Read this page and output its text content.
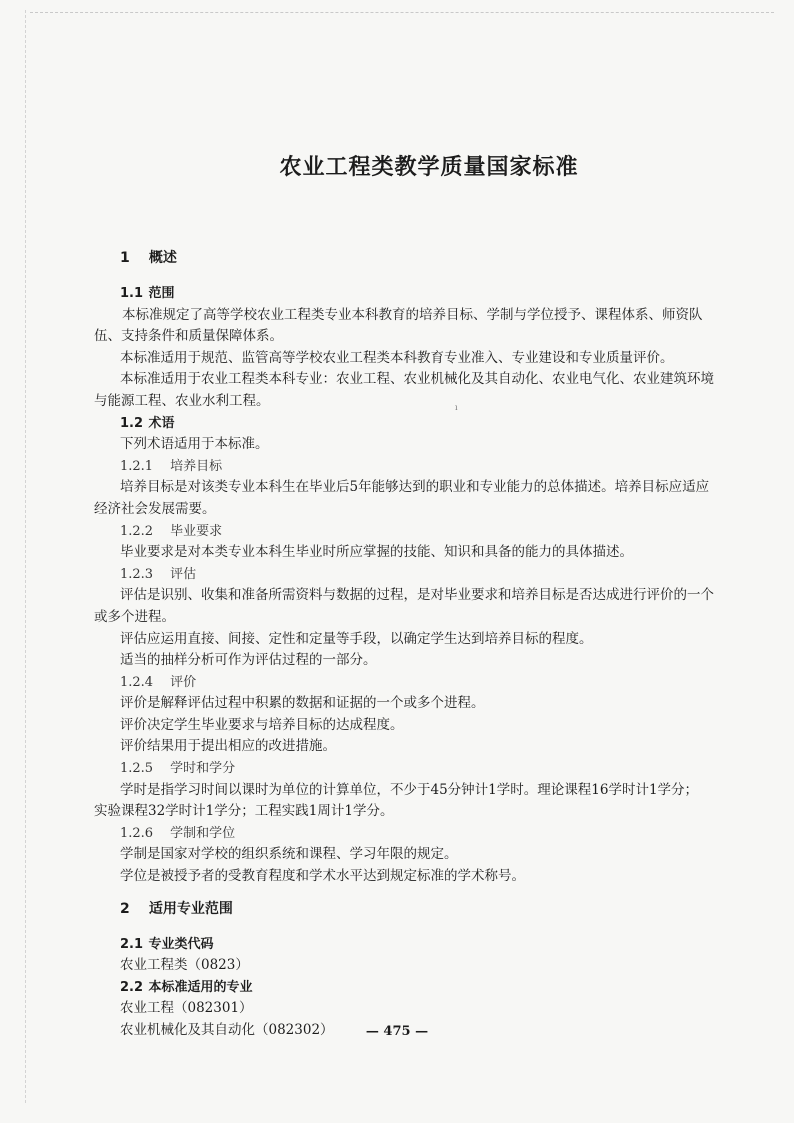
ı
农业工程类教学质量国家标准
1 概述
1.1 范围
本标准规定了高等学校农业工程类专业本科教育的培养目标、学制与学位授予、课程体系、师资队
伍、支持条件和质量保障体系。
本标准适用于规范、监管高等学校农业工程类本科教育专业准入、专业建设和专业质量评价。
本标准适用于农业工程类本科专业：农业工程、农业机械化及其自动化、农业电气化、农业建筑环境
与能源工程、农业水利工程。
1.2 术语
下列术语适用于本标准。
1.2.1 培养目标
培养目标是对该类专业本科生在毕业后5年能够达到的职业和专业能力的总体描述。培养目标应适应
经济社会发展需要。
1.2.2 毕业要求
毕业要求是对本类专业本科生毕业时所应掌握的技能、知识和具备的能力的具体描述。
1.2.3 评估
评估是识别、收集和准备所需资料与数据的过程，是对毕业要求和培养目标是否达成进行评价的一个
或多个进程。
评估应运用直接、间接、定性和定量等手段，以确定学生达到培养目标的程度。
适当的抽样分析可作为评估过程的一部分。
1.2.4 评价
评价是解释评估过程中积累的数据和证据的一个或多个进程。
评价决定学生毕业要求与培养目标的达成程度。
评价结果用于提出相应的改进措施。
1.2.5 学时和学分
学时是指学习时间以课时为单位的计算单位，不少于45分钟计1学时。理论课程16学时计1学分；
实验课程32学时计1学分；工程实践1周计1学分。
1.2.6 学制和学位
学制是国家对学校的组织系统和课程、学习年限的规定。
学位是被授予者的受教育程度和学术水平达到规定标准的学术称号。
2 适用专业范围
2.1 专业类代码
农业工程类（0823）
2.2 本标准适用的专业
农业工程（082301）
农业机械化及其自动化（082302）	— 475 —
